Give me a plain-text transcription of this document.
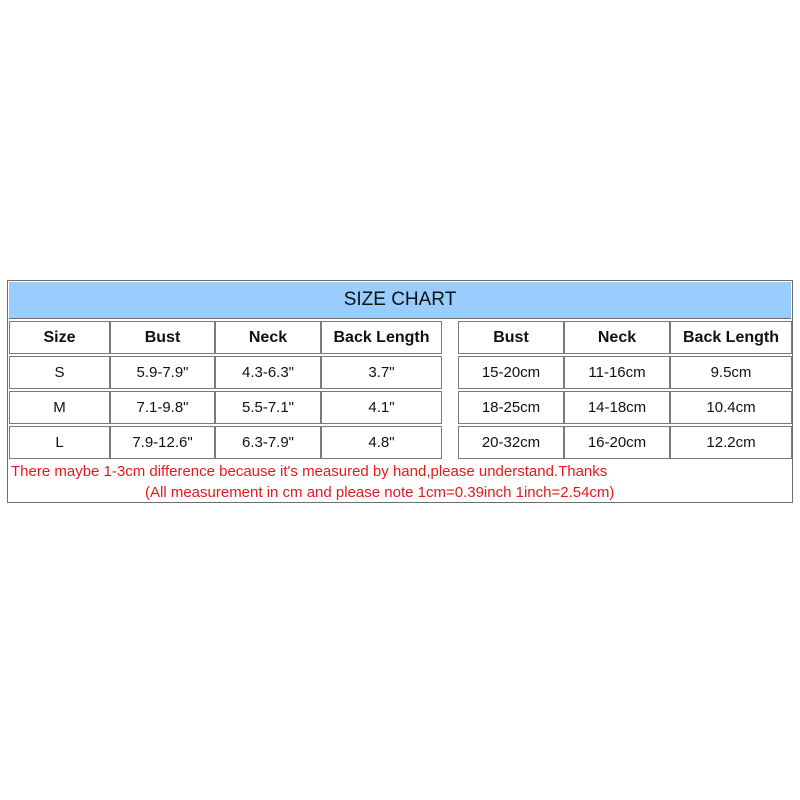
SIZE CHART
Size	Bust	Neck	Back Length	Bust	Neck	Back Length
S	5.9-7.9"	4.3-6.3"	3.7"	15-20cm	11-16cm	9.5cm
M	7.1-9.8"	5.5-7.1"	4.1"	18-25cm	14-18cm	10.4cm
L	7.9-12.6"	6.3-7.9"	4.8"	20-32cm	16-20cm	12.2cm
There maybe 1-3cm difference because it's measured by hand,please understand.Thanks
(All measurement in cm and please note 1cm=0.39inch 1inch=2.54cm)
